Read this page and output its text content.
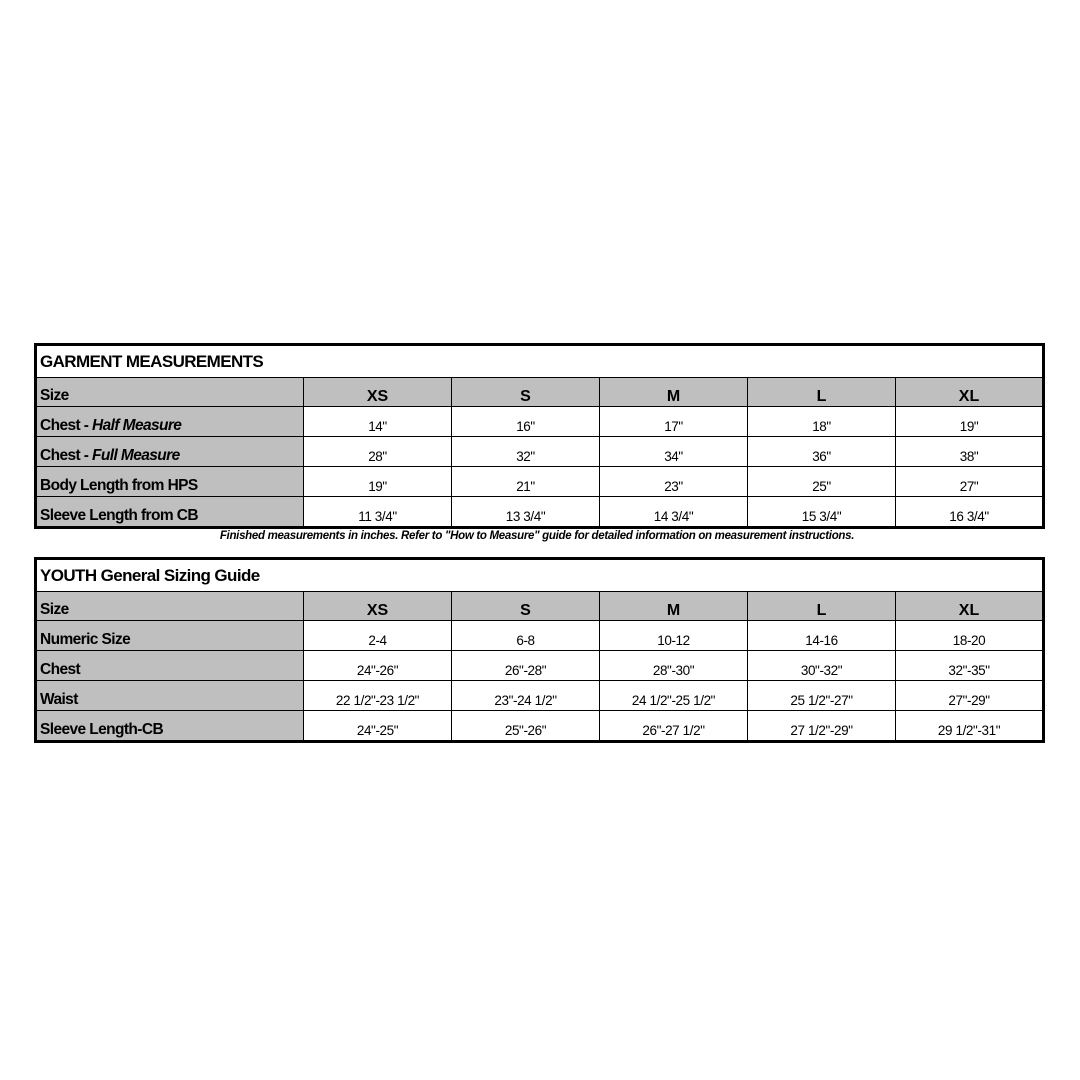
GARMENT MEASUREMENTS					
Size	XS	S	M	L	XL
Chest - Half Measure	14"	16"	17"	18"	19"
Chest - Full Measure	28"	32"	34"	36"	38"
Body Length from HPS	19"	21"	23"	25"	27"
Sleeve Length from CB	11 3/4"	13 3/4"	14 3/4"	15 3/4"	16 3/4"
Finished measurements in inches. Refer to "How to Measure" guide for detailed information on measurement instructions.
YOUTH General Sizing Guide					
Size	XS	S	M	L	XL
Numeric Size	2-4	6-8	10-12	14-16	18-20
Chest	24"-26"	26"-28"	28"-30"	30"-32"	32"-35"
Waist	22 1/2"-23 1/2"	23"-24 1/2"	24 1/2"-25 1/2"	25 1/2"-27"	27"-29"
Sleeve Length-CB	24"-25"	25"-26"	26"-27 1/2"	27 1/2"-29"	29 1/2"-31"
